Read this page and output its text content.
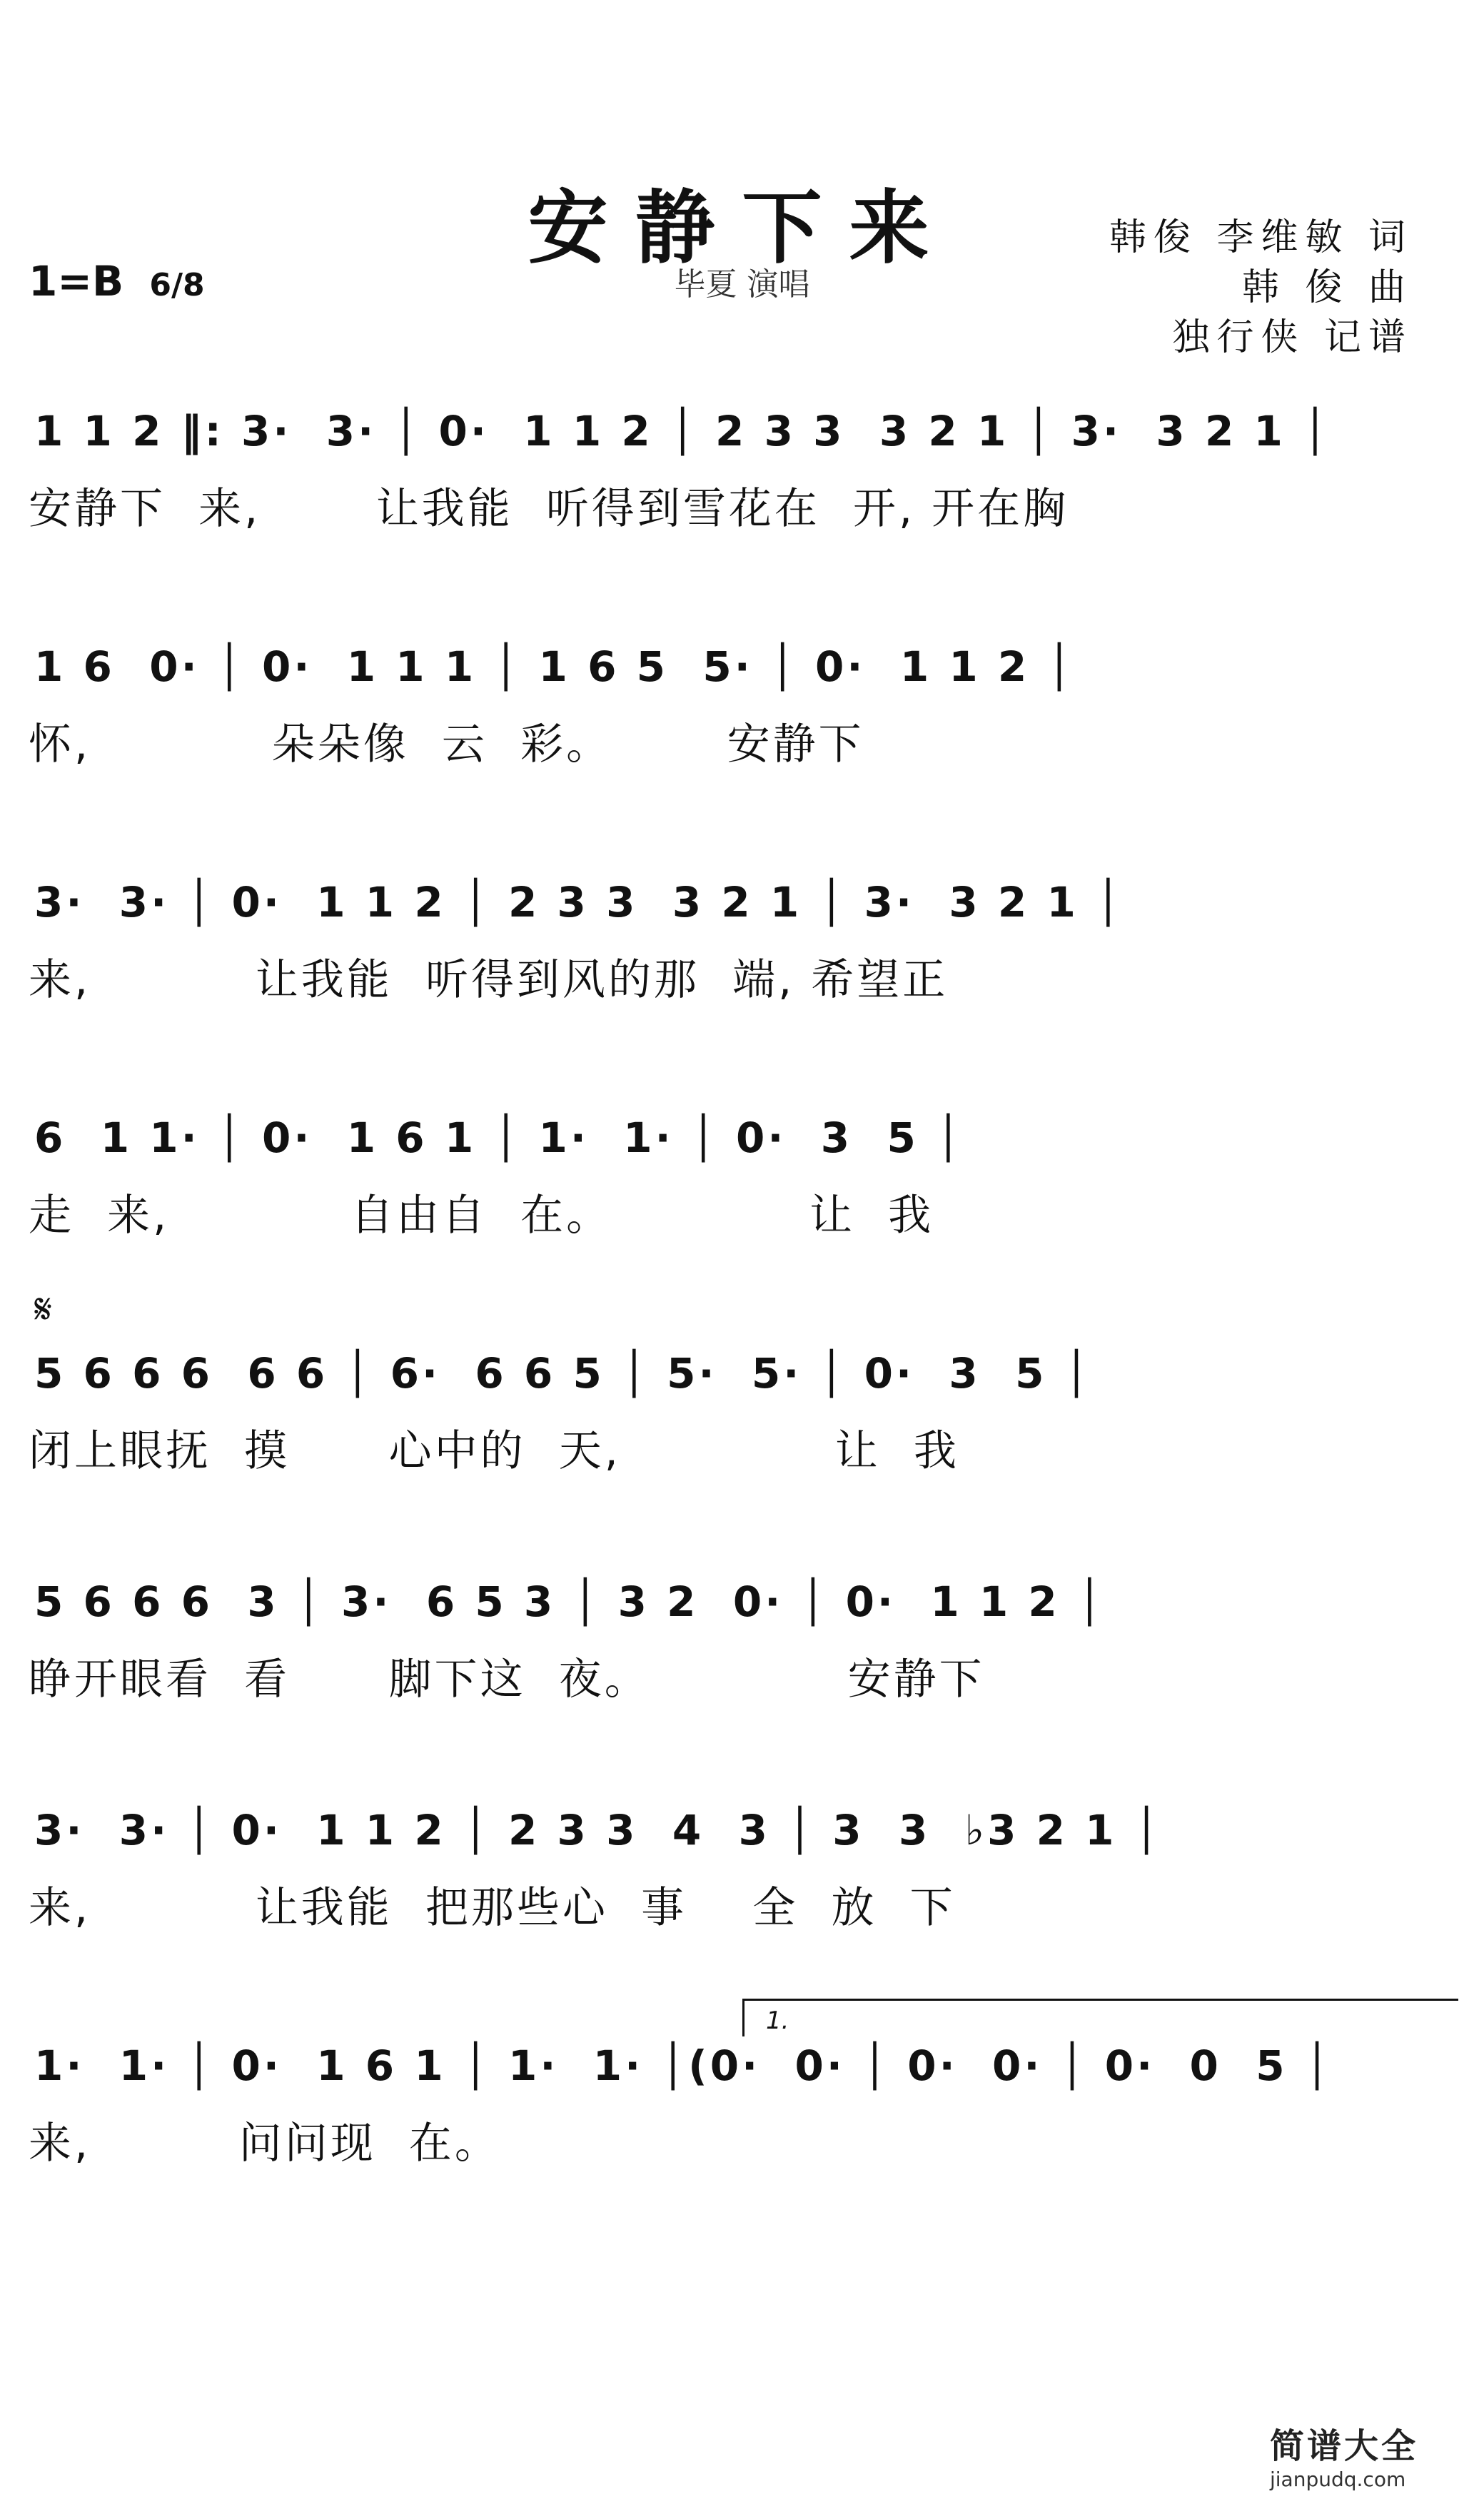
安静下来
毕夏 演唱
1=B 6/8
韩俊 李维敏 词
韩 俊 曲
独行侠 记谱
1 1 2 ‖: 3·  3· │ 0·  1 1 2 │ 2 3 3  3 2 1 │ 3·  3 2 1 │
安静下  来,       让我能  听得到雪花在  开, 开在胸
1 6  0· │ 0·  1 1 1 │ 1 6 5  5· │ 0·  1 1 2 │
怀,           朵朵像  云  彩。       安静下
3·  3· │ 0·  1 1 2 │ 2 3 3  3 2 1 │ 3·  3 2 1 │
来,          让我能  听得到风的那  端, 希望正
6  1 1· │ 0·  1 6 1 │ 1·  1· │ 0·  3  5 │
走  来,           自由自  在。            让  我
𝄋
5 6 6 6  6 6 │ 6·  6 6 5 │ 5·  5· │ 0·  3  5 │
闭上眼抚  摸      心中的  天,             让  我
5 6 6 6  3 │ 3·  6 5 3 │ 3 2  0· │ 0·  1 1 2 │
睁开眼看  看      脚下这  夜。            安静下
3·  3· │ 0·  1 1 2 │ 2 3 3  4  3 │ 3  3  ♭3 2 1 │
来,          让我能  把那些心  事    全  放  下
1.
1·  1· │ 0·  1 6 1 │ 1·  1· │(0·  0· │ 0·  0· │ 0·  0  5 │
来,         问问现  在。
简谱大全
jianpudq.com
